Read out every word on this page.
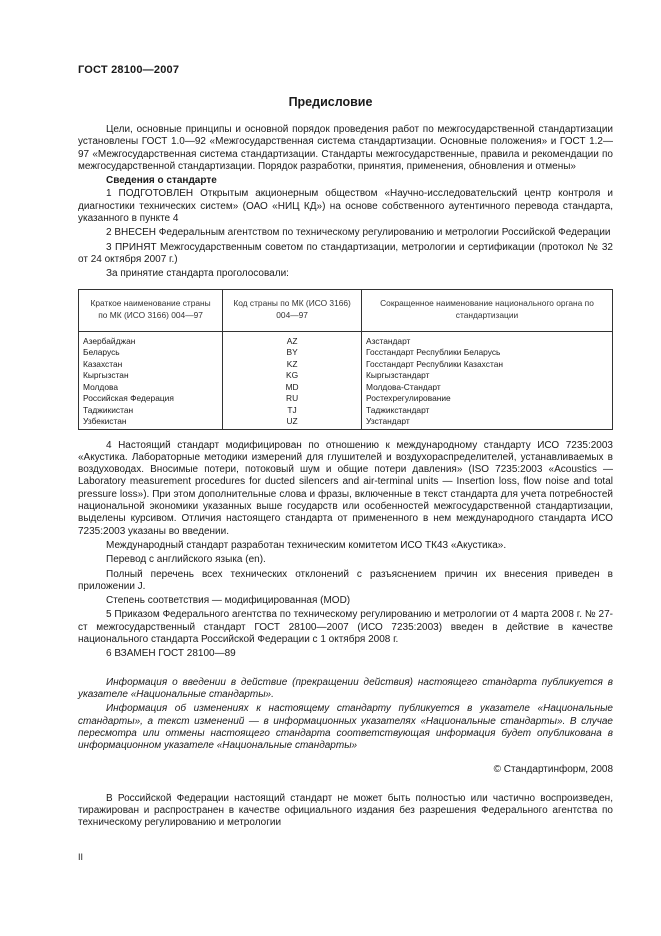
ГОСТ 28100—2007
Предисловие
Цели, основные принципы и основной порядок проведения работ по межгосударственной стандартизации установлены ГОСТ 1.0—92 «Межгосударственная система стандартизации. Основные положения» и ГОСТ 1.2—97 «Межгосударственная система стандартизации. Стандарты межгосударственные, правила и рекомендации по межгосударственной стандартизации. Порядок разработки, принятия, применения, обновления и отмены»
Сведения о стандарте
1 ПОДГОТОВЛЕН Открытым акционерным обществом «Научно-исследовательский центр контроля и диагностики технических систем» (ОАО «НИЦ КД») на основе собственного аутентичного перевода стандарта, указанного в пункте 4
2 ВНЕСЕН Федеральным агентством по техническому регулированию и метрологии Российской Федерации
3 ПРИНЯТ Межгосударственным советом по стандартизации, метрологии и сертификации (протокол № 32 от 24 октября 2007 г.)
За принятие стандарта проголосовали:
Краткое наименование страны по МК (ИСО 3166) 004—97	Код страны по МК (ИСО 3166) 004—97	Сокращенное наименование национального органа по стандартизации
Азербайджан	AZ	Азстандарт
Беларусь	BY	Госстандарт Республики Беларусь
Казахстан	KZ	Госстандарт Республики Казахстан
Кыргызстан	KG	Кыргызстандарт
Молдова	MD	Молдова-Стандарт
Российская Федерация	RU	Ростехрегулирование
Таджикистан	TJ	Таджикстандарт
Узбекистан	UZ	Узстандарт
4 Настоящий стандарт модифицирован по отношению к международному стандарту ИСО 7235:2003 «Акустика. Лабораторные методики измерений для глушителей и воздухораспределителей, устанавливаемых в воздуховодах. Вносимые потери, потоковый шум и общие потери давления» (ISO 7235:2003 «Acoustics — Laboratory measurement procedures for ducted silencers and air-terminal units — Insertion loss, flow noise and total pressure loss»). При этом дополнительные слова и фразы, включенные в текст стандарта для учета потребностей национальной экономики указанных выше государств или особенностей межгосударственной стандартизации, выделены курсивом. Отличия настоящего стандарта от примененного в нем международного стандарта ИСО 7235:2003 указаны во введении.
Международный стандарт разработан техническим комитетом ИСО ТК43 «Акустика».
Перевод с английского языка (en).
Полный перечень всех технических отклонений с разъяснением причин их внесения приведен в приложении J.
Степень соответствия — модифицированная (MOD)
5 Приказом Федерального агентства по техническому регулированию и метрологии от 4 марта 2008 г. № 27-ст межгосударственный стандарт ГОСТ 28100—2007 (ИСО 7235:2003) введен в действие в качестве национального стандарта Российской Федерации с 1 октября 2008 г.
6 ВЗАМЕН ГОСТ 28100—89
Информация о введении в действие (прекращении действия) настоящего стандарта публикуется в указателе «Национальные стандарты».
Информация об изменениях к настоящему стандарту публикуется в указателе «Национальные стандарты», а текст изменений — в информационных указателях «Национальные стандарты». В случае пересмотра или отмены настоящего стандарта соответствующая информация будет опубликована в информационном указателе «Национальные стандарты»
© Стандартинформ, 2008
В Российской Федерации настоящий стандарт не может быть полностью или частично воспроизведен, тиражирован и распространен в качестве официального издания без разрешения Федерального агентства по техническому регулированию и метрологии
II
